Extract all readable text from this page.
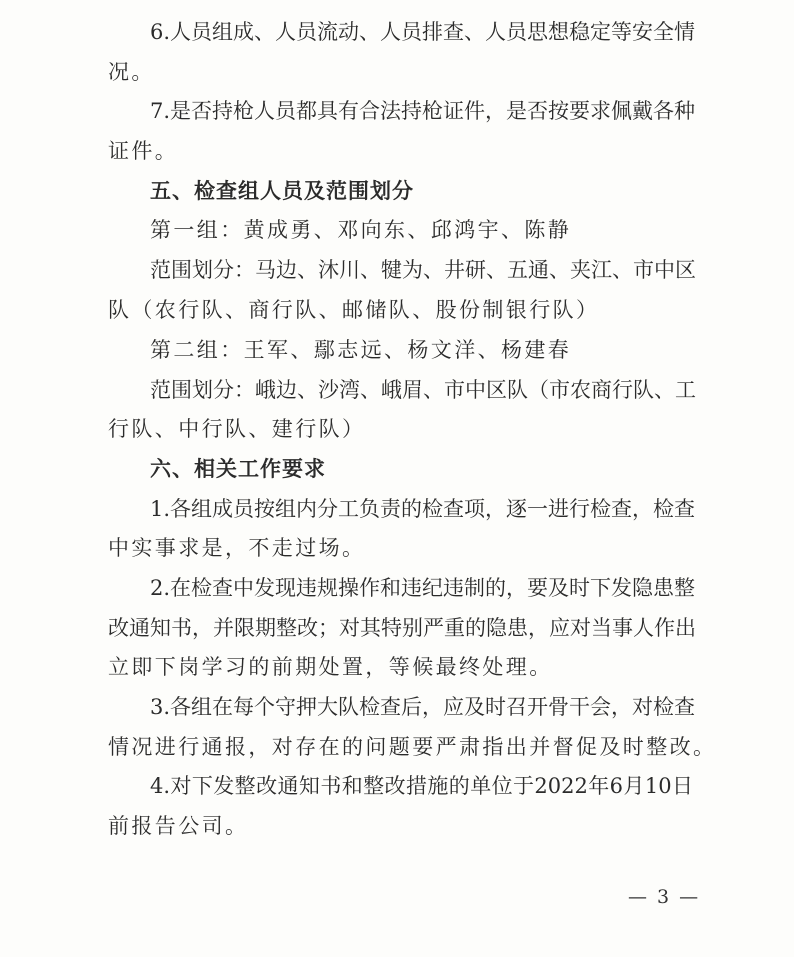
6.人员组成、人员流动、人员排查、人员思想稳定等安全情
况。
7.是否持枪人员都具有合法持枪证件，是否按要求佩戴各种
证件。
五、检查组人员及范围划分
第一组：黄成勇、邓向东、邱鸿宇、陈静
范围划分：马边、沐川、犍为、井研、五通、夹江、市中区
队（农行队、商行队、邮储队、股份制银行队）
第二组：王军、鄢志远、杨文洋、杨建春
范围划分：峨边、沙湾、峨眉、市中区队（市农商行队、工
行队、中行队、建行队）
六、相关工作要求
1.各组成员按组内分工负责的检查项，逐一进行检查，检查
中实事求是，不走过场。
2.在检查中发现违规操作和违纪违制的，要及时下发隐患整
改通知书，并限期整改；对其特别严重的隐患，应对当事人作出
立即下岗学习的前期处置，等候最终处理。
3.各组在每个守押大队检查后，应及时召开骨干会，对检查
情况进行通报，对存在的问题要严肃指出并督促及时整改。
4.对下发整改通知书和整改措施的单位于2022年6月10日
前报告公司。
— 3 —
